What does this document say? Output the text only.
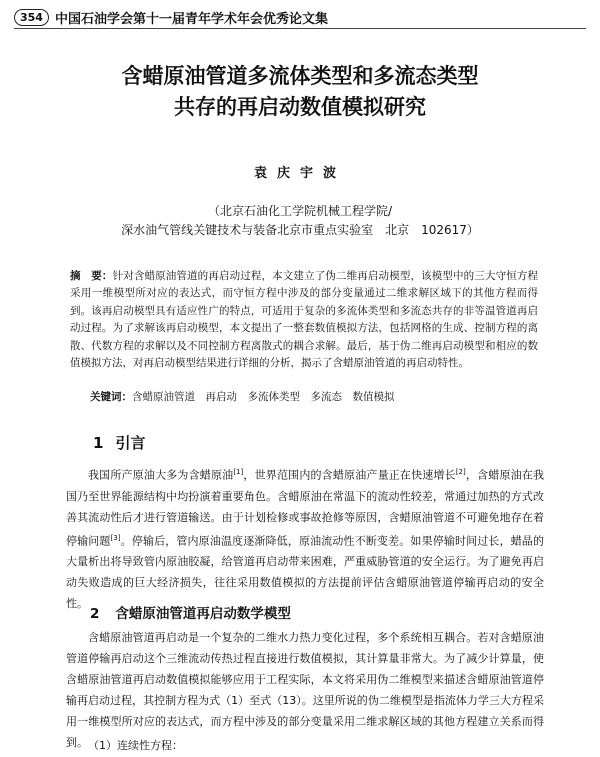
354 中国石油学会第十一届青年学术年会优秀论文集
含蜡原油管道多流体类型和多流态类型
共存的再启动数值模拟研究
袁庆宇波
（北京石油化工学院机械工程学院/
深水油气管线关键技术与装备北京市重点实验室　北京　102617）
摘　要：针对含蜡原油管道的再启动过程，本文建立了伪二维再启动模型，该模型中的三大守恒方程采用一维模型所对应的表达式，而守恒方程中涉及的部分变量通过二维求解区域下的其他方程而得到。该再启动模型具有适应性广的特点，可适用于复杂的多流体类型和多流态共存的非等温管道再启动过程。为了求解该再启动模型，本文提出了一整套数值模拟方法，包括网格的生成、控制方程的离散、代数方程的求解以及不同控制方程离散式的耦合求解。最后，基于伪二维再启动模型和相应的数值模拟方法，对再启动模型结果进行详细的分析，揭示了含蜡原油管道的再启动特性。
关键词：含蜡原油管道　再启动　多流体类型　多流态　数值模拟
1 引言
我国所产原油大多为含蜡原油[1]，世界范围内的含蜡原油产量正在快速增长[2]，含蜡原油在我国乃至世界能源结构中均扮演着重要角色。含蜡原油在常温下的流动性较差，常通过加热的方式改善其流动性后才进行管道输送。由于计划检修或事故抢修等原因，含蜡原油管道不可避免地存在着停输问题[3]。停输后，管内原油温度逐渐降低，原油流动性不断变差。如果停输时间过长，蜡晶的大量析出将导致管内原油胶凝，给管道再启动带来困难，严重威胁管道的安全运行。为了避免再启动失败造成的巨大经济损失，往往采用数值模拟的方法提前评估含蜡原油管道停输再启动的安全性。
2 含蜡原油管道再启动数学模型
含蜡原油管道再启动是一个复杂的二维水力热力变化过程，多个系统相互耦合。若对含蜡原油管道停输再启动这个三维流动传热过程直接进行数值模拟，其计算量非常大。为了减少计算量，使含蜡原油管道再启动数值模拟能够应用于工程实际，本文将采用伪二维模型来描述含蜡原油管道停输再启动过程，其控制方程为式（1）至式（13）。这里所说的伪二维模型是指流体力学三大方程采用一维模型所对应的表达式，而方程中涉及的部分变量采用二维求解区域的其他方程建立关系而得到。 （1）连续性方程：
